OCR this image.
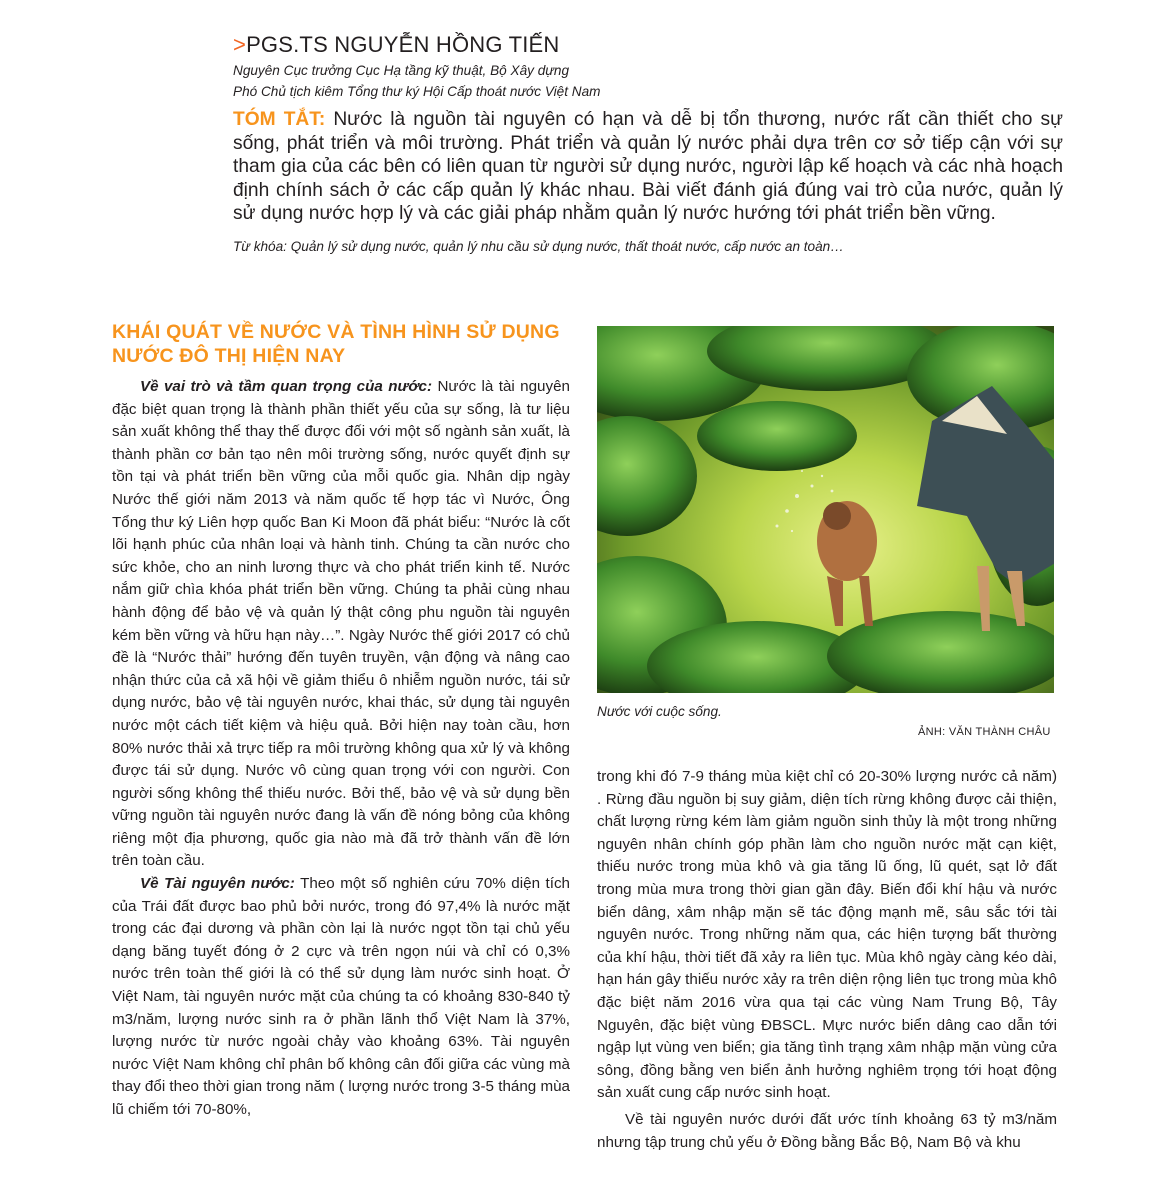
>PGS.TS NGUYỄN HỒNG TIẾN

Nguyên Cục trưởng Cục Hạ tầng kỹ thuật, Bộ Xây dựng

Phó Chủ tịch kiêm Tổng thư ký Hội Cấp thoát nước Việt Nam

TÓM TẮT: Nước là nguồn tài nguyên có hạn và dễ bị tổn thương, nước rất cần thiết cho sự sống, phát triển và môi trường. Phát triển và quản lý nước phải dựa trên cơ sở tiếp cận với sự tham gia của các bên có liên quan từ người sử dụng nước, người lập kế hoạch và các nhà hoạch định chính sách ở các cấp quản lý khác nhau. Bài viết đánh giá đúng vai trò của nước, quản lý sử dụng nước hợp lý và các giải pháp nhằm quản lý nước hướng tới phát triển bền vững.

Từ khóa: Quản lý sử dụng nước, quản lý nhu cầu sử dụng nước, thất thoát nước, cấp nước an toàn…
KHÁI QUÁT VỀ NƯỚC VÀ TÌNH HÌNH SỬ DỤNG NƯỚC ĐÔ THỊ HIỆN NAY

Về vai trò và tầm quan trọng của nước: Nước là tài nguyên đặc biệt quan trọng là thành phần thiết yếu của sự sống, là tư liệu sản xuất không thể thay thế được đối với một số ngành sản xuất, là thành phần cơ bản tạo nên môi trường sống, nước quyết định sự tồn tại và phát triển bền vững của mỗi quốc gia. Nhân dịp ngày Nước thế giới năm 2013 và năm quốc tế hợp tác vì Nước, Ông Tổng thư ký Liên hợp quốc Ban Ki Moon đã phát biểu: “Nước là cốt lõi hạnh phúc của nhân loại và hành tinh. Chúng ta cần nước cho sức khỏe, cho an ninh lương thực và cho phát triển kinh tế. Nước nắm giữ chìa khóa phát triển bền vững. Chúng ta phải cùng nhau hành động để bảo vệ và quản lý thật công phu nguồn tài nguyên kém bền vững và hữu hạn này…”. Ngày Nước thế giới 2017 có chủ đề là “Nước thải” hướng đến tuyên truyền, vận động và nâng cao nhận thức của cả xã hội về giảm thiểu ô nhiễm nguồn nước, tái sử dụng nước, bảo vệ tài nguyên nước, khai thác, sử dụng tài nguyên nước một cách tiết kiệm và hiệu quả. Bởi hiện nay toàn cầu, hơn 80% nước thải xả trực tiếp ra môi trường không qua xử lý và không được tái sử dụng. Nước vô cùng quan trọng với con người. Con người sống không thể thiếu nước. Bởi thế, bảo vệ và sử dụng bền vững nguồn tài nguyên nước đang là vấn đề nóng bỏng của không riêng một địa phương, quốc gia nào mà đã trở thành vấn đề lớn trên toàn cầu.

Về Tài nguyên nước: Theo một số nghiên cứu 70% diện tích của Trái đất được bao phủ bởi nước, trong đó 97,4% là nước mặt trong các đại dương và phần còn lại là nước ngọt tồn tại chủ yếu dạng băng tuyết đóng ở 2 cực và trên ngọn núi và chỉ có 0,3% nước trên toàn thế giới là có thể sử dụng làm nước sinh hoạt. Ở Việt Nam, tài nguyên nước mặt của chúng ta có khoảng 830-840 tỷ m3/năm, lượng nước sinh ra ở phần lãnh thổ Việt Nam là 37%, lượng nước từ nước ngoài chảy vào khoảng 63%. Tài nguyên nước Việt Nam không chỉ phân bố không cân đối giữa các vùng mà thay đổi theo thời gian trong năm ( lượng nước trong 3-5 tháng mùa lũ chiếm tới 70-80%,

Nước với cuộc sống.
ẢNH: VĂN THÀNH CHÂU

trong khi đó 7-9 tháng mùa kiệt chỉ có 20-30% lượng nước cả năm) . Rừng đầu nguồn bị suy giảm, diện tích rừng không được cải thiện, chất lượng rừng kém làm giảm nguồn sinh thủy là một trong những nguyên nhân chính góp phần làm cho nguồn nước mặt cạn kiệt, thiếu nước trong mùa khô và gia tăng lũ ống, lũ quét, sạt lở đất trong mùa mưa trong thời gian gần đây. Biến đổi khí hậu và nước biển dâng, xâm nhập mặn sẽ tác động mạnh mẽ, sâu sắc tới tài nguyên nước. Trong những năm qua, các hiện tượng bất thường của khí hậu, thời tiết đã xảy ra liên tục. Mùa khô ngày càng kéo dài, hạn hán gây thiếu nước xảy ra trên diện rộng liên tục trong mùa khô đặc biệt năm 2016 vừa qua tại các vùng Nam Trung Bộ, Tây Nguyên, đặc biệt vùng ĐBSCL. Mực nước biển dâng cao dẫn tới ngập lụt vùng ven biển; gia tăng tình trạng xâm nhập mặn vùng cửa sông, đồng bằng ven biển ảnh hưởng nghiêm trọng tới hoạt động sản xuất cung cấp nước sinh hoạt.

Về tài nguyên nước dưới đất ước tính khoảng 63 tỷ m3/năm nhưng tập trung chủ yếu ở Đồng bằng Bắc Bộ, Nam Bộ và khu
